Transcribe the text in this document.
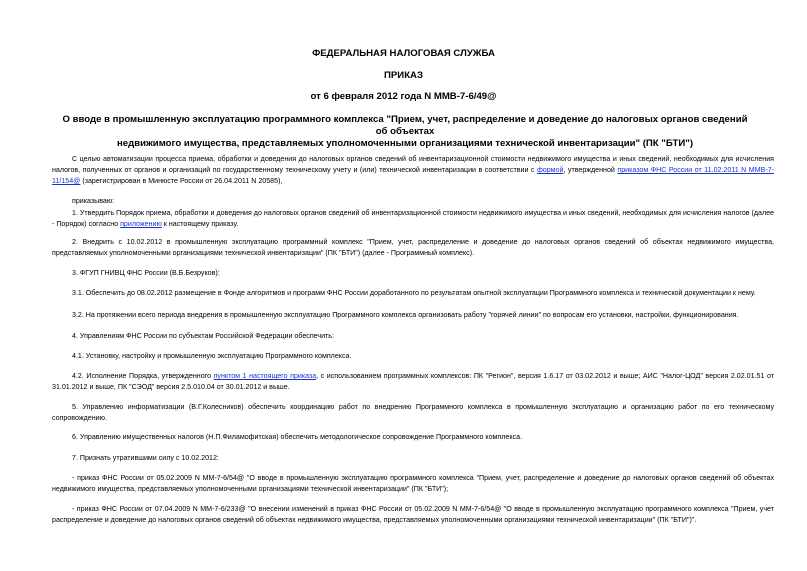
ФЕДЕРАЛЬНАЯ НАЛОГОВАЯ СЛУЖБА
ПРИКАЗ
от 6 февраля 2012 года N ММВ-7-6/49@
О вводе в промышленную эксплуатацию программного комплекса "Прием, учет, распределение и доведение до налоговых органов сведений об объектах
недвижимого имущества, представляемых уполномоченными организациями технической инвентаризации" (ПК "БТИ")
С целью автоматизации процесса приема, обработки и доведения до налоговых органов сведений об инвентаризационной стоимости недвижимого имущества и иных сведений, необходимых для исчисления налогов, полученных от органов и организаций по государственному техническому учету и (или) технической инвентаризации в соответствии с формой, утвержденной приказом ФНС России от 11.02.2011 N ММВ-7-11/154@ (зарегистрирован в Минюсте России от 26.04.2011 N 20585),
приказываю:
1. Утвердить Порядок приема, обработки и доведения до налоговых органов сведений об инвентаризационной стоимости недвижимого имущества и иных сведений, необходимых для исчисления налогов (далее - Порядок) согласно приложению к настоящему приказу.
2. Внедрить с 10.02.2012 в промышленную эксплуатацию программный комплекс "Прием, учет, распределение и доведение до налоговых органов сведений об объектах недвижимого имущества, представляемых уполномоченными организациями технической инвентаризации" (ПК "БТИ") (далее - Программный комплекс).
3. ФГУП ГНИВЦ ФНС России (В.Б.Безруков):
3.1. Обеспечить до 08.02.2012 размещение в Фонде алгоритмов и программ ФНС России доработанного по результатам опытной эксплуатации Программного комплекса и технической документации к нему.
3.2. На протяжении всего периода внедрения в промышленную эксплуатацию Программного комплекса организовать работу "горячей линии" по вопросам его установки, настройки, функционирования.
4. Управлениям ФНС России по субъектам Российской Федерации обеспечить:
4.1. Установку, настройку и промышленную эксплуатацию Программного комплекса.
4.2. Исполнение Порядка, утвержденного пунктом 1 настоящего приказа, с использованием программных комплексов: ПК "Регион", версия 1.6.17 от 03.02.2012 и выше; АИС "Налог-ЦОД" версия 2.02.01.51 от 31.01.2012 и выше, ПК "СЭОД" версия 2.5.010.04 от 30.01.2012 и выше.
5. Управлению информатизации (В.Г.Колесников) обеспечить координацию работ по внедрению Программного комплекса в промышленную эксплуатацию и организацию работ по его техническому сопровождению.
6. Управлению имущественных налогов (Н.П.Филамофитская) обеспечить методологическое сопровождение Программного комплекса.
7. Признать утратившими силу с 10.02.2012:
- приказ ФНС России от 05.02.2009 N ММ-7-6/54@ "О вводе в промышленную эксплуатацию программного комплекса "Прием, учет, распределение и доведение до налоговых органов сведений об объектах недвижимого имущества, представляемых уполномоченными организациями технической инвентаризации" (ПК "БТИ");
- приказ ФНС России от 07.04.2009 N ММ-7-6/233@ "О внесении изменений в приказ ФНС России от 05.02.2009 N ММ-7-6/54@ "О вводе в промышленную эксплуатацию программного комплекса "Прием, учет распределение и доведение до налоговых органов сведений об объектах недвижимого имущества, представляемых уполномоченными организациями технической инвентаризации" (ПК "БТИ")".
